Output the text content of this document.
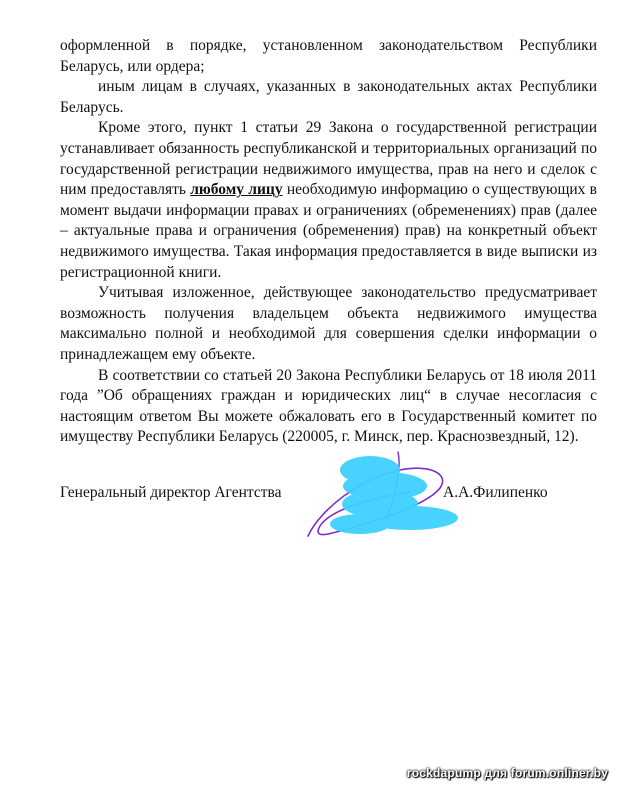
оформленной в порядке, установленном законодательством Республики Беларусь, или ордера;

иным лицам в случаях, указанных в законодательных актах Республики Беларусь.

Кроме этого, пункт 1 статьи 29 Закона о государственной регистрации устанавливает обязанность республиканской и территориальных организаций по государственной регистрации недвижимого имущества, прав на него и сделок с ним предоставлять любому лицу необходимую информацию о существующих в момент выдачи информации правах и ограничениях (обременениях) прав (далее – актуальные права и ограничения (обременения) прав) на конкретный объект недвижимого имущества. Такая информация предоставляется в виде выписки из регистрационной книги.

Учитывая изложенное, действующее законодательство предусматривает возможность получения владельцем объекта недвижимого имущества максимально полной и необходимой для совершения сделки информации о принадлежащем ему объекте.

В соответствии со статьей 20 Закона Республики Беларусь от 18 июля 2011 года ”Об обращениях граждан и юридических лиц“ в случае несогласия с настоящим ответом Вы можете обжаловать его в Государственный комитет по имуществу Республики Беларусь (220005, г. Минск, пер. Краснозвездный, 12).

Генеральный директор Агентства	А.А.Филипенко
rockdapump для forum.onliner.by
